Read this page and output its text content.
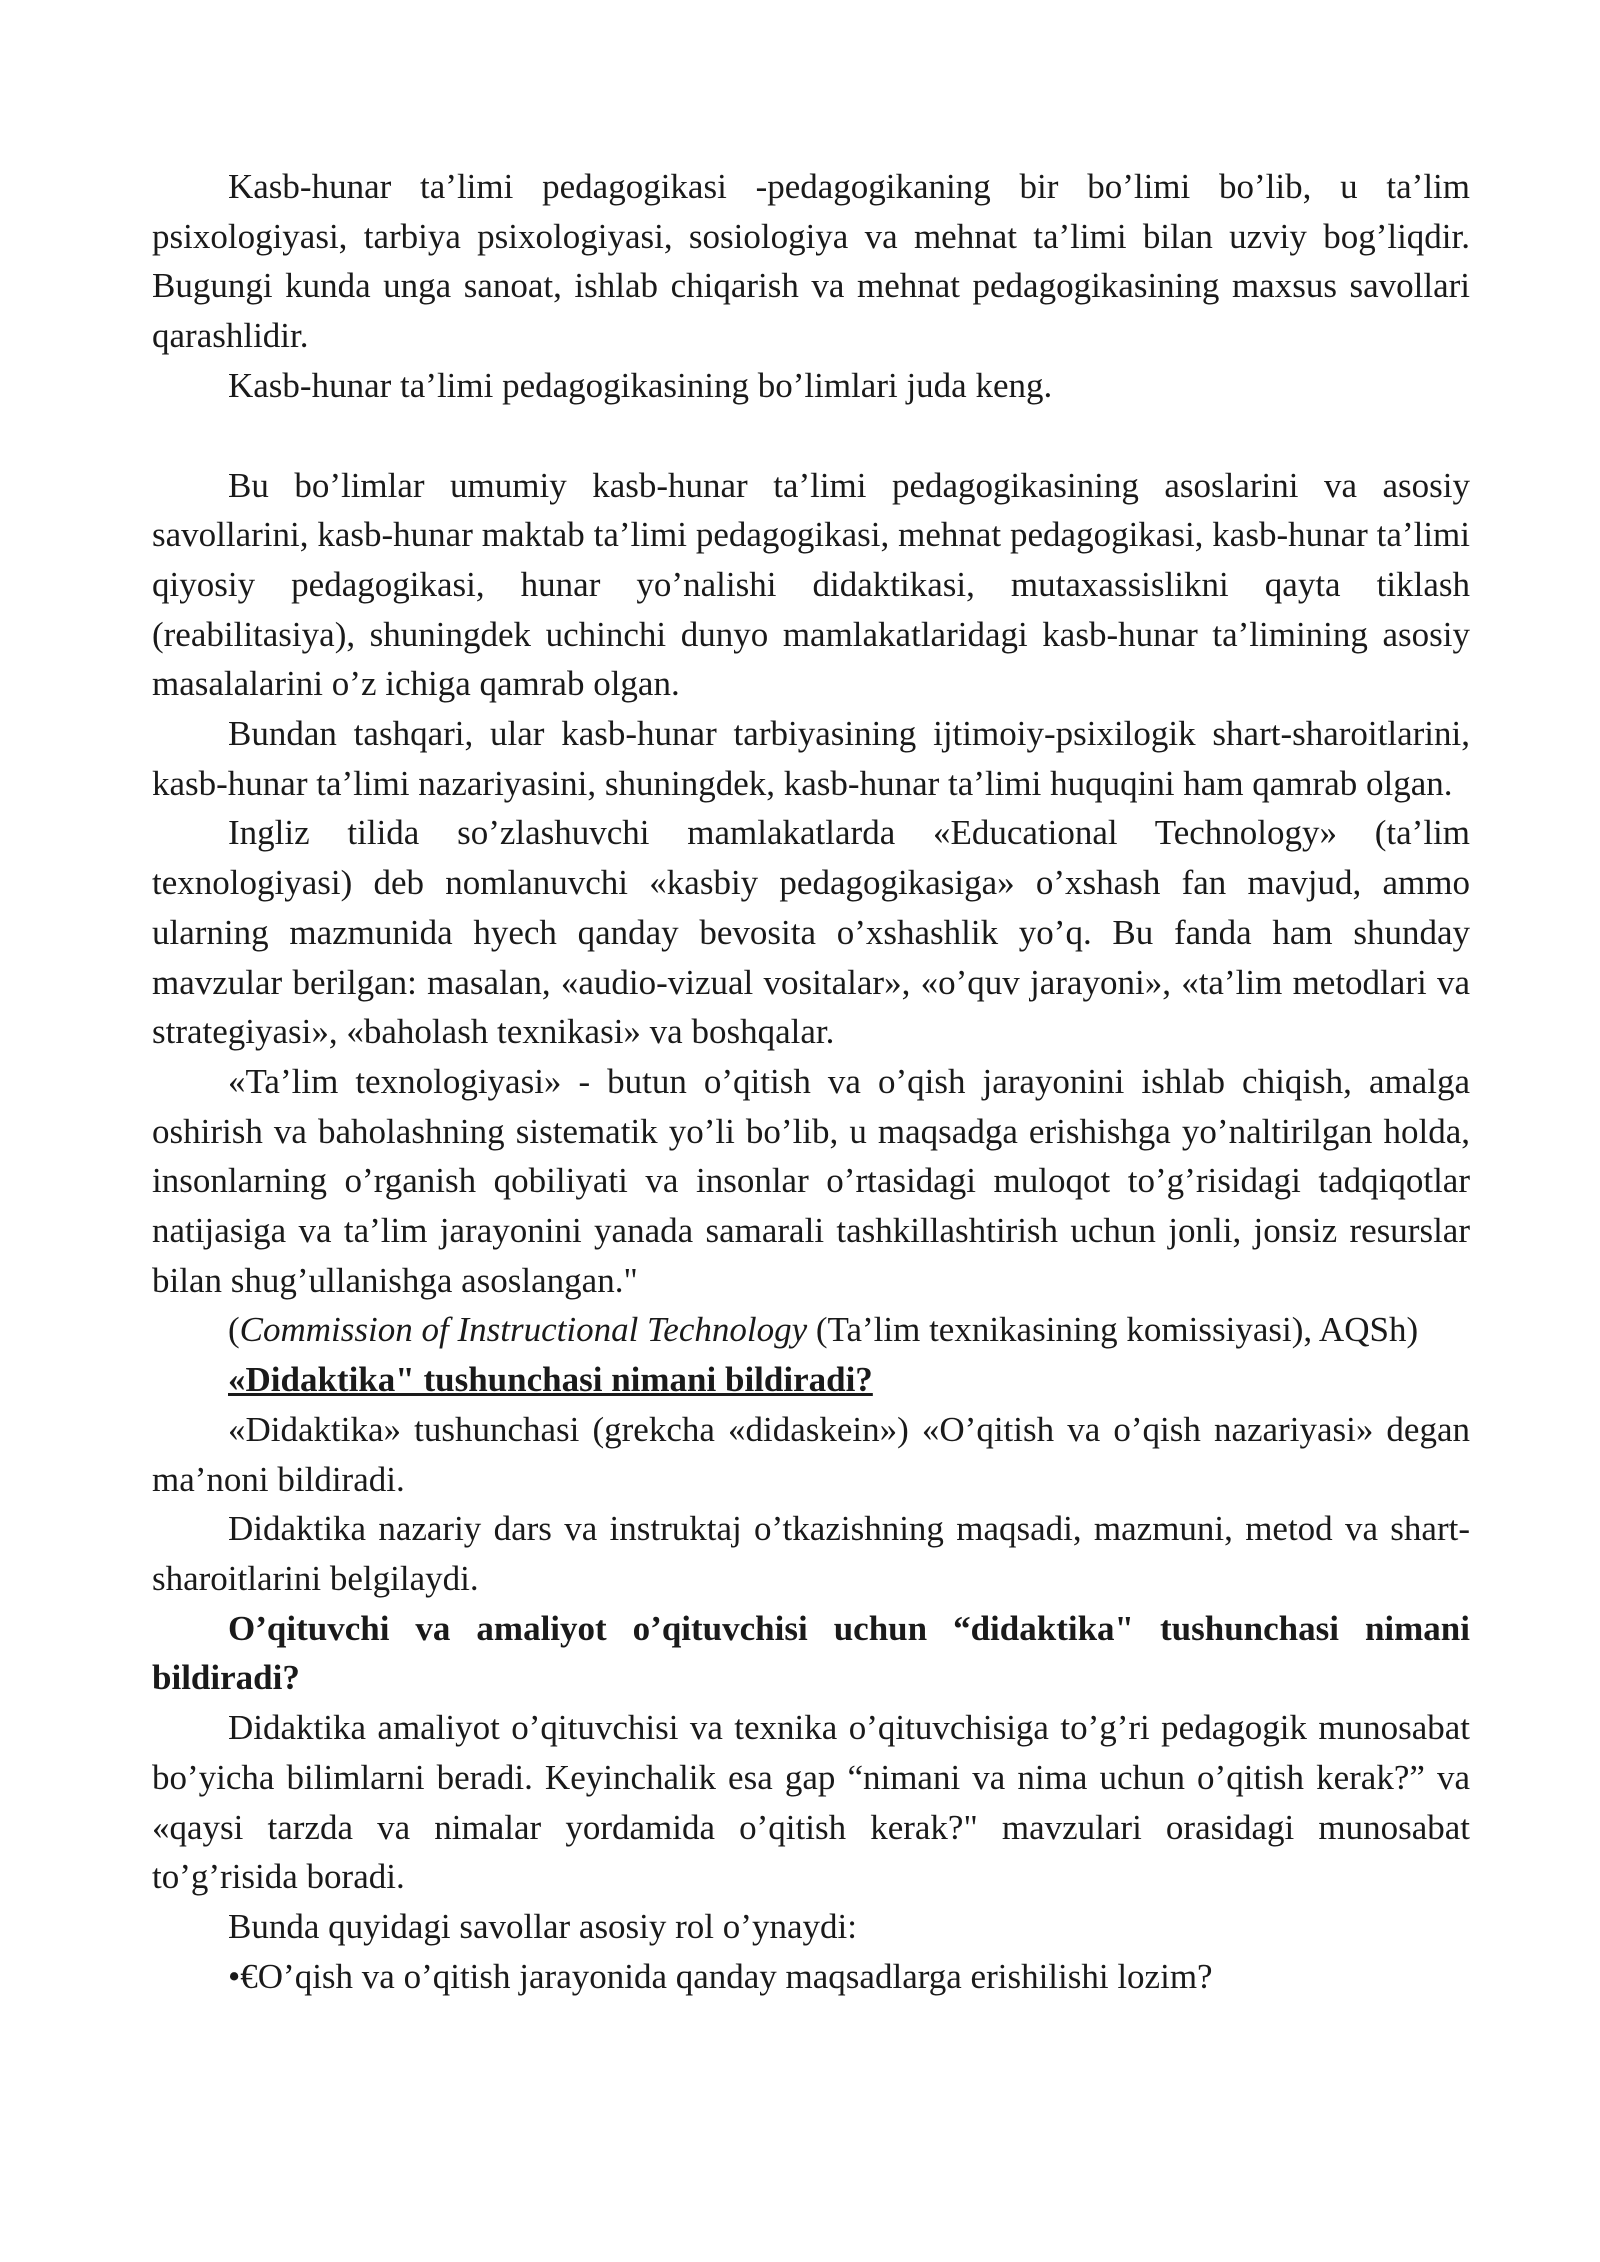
Kasb-hunar ta’limi pedagogikasi -pedagogikaning bir bo’limi bo’lib, u ta’lim psixologiyasi, tarbiya psixologiyasi, sosiologiya va mehnat ta’limi bilan uzviy bog’liqdir. Bugungi kunda unga sanoat, ishlab chiqarish va mehnat pedagogikasining maxsus savollari qarashlidir.

Kasb-hunar ta’limi pedagogikasining bo’limlari juda keng.

Bu bo’limlar umumiy kasb-hunar ta’limi pedagogikasining asoslarini va asosiy savollarini, kasb-hunar maktab ta’limi pedagogikasi, mehnat pedagogikasi, kasb-hunar ta’limi qiyosiy pedagogikasi, hunar yo’nalishi didaktikasi, mutaxassislikni qayta tiklash (reabilitasiya), shuningdek uchinchi dunyo mamlakatlaridagi kasb-hunar ta’limining asosiy masalalarini o’z ichiga qamrab olgan.

Bundan tashqari, ular kasb-hunar tarbiyasining ijtimoiy-psixilogik shart-sharoitlarini, kasb-hunar ta’limi nazariyasini, shuningdek, kasb-hunar ta’limi huquqini ham qamrab olgan.

Ingliz tilida so’zlashuvchi mamlakatlarda «Educational Technology» (ta’lim texnologiyasi) deb nomlanuvchi «kasbiy pedagogikasiga» o’xshash fan mavjud, ammo ularning mazmunida hyech qanday bevosita o’xshashlik yo’q. Bu fanda ham shunday mavzular berilgan: masalan, «audio-vizual vositalar», «o’quv jarayoni», «ta’lim metodlari va strategiyasi», «baholash texnikasi» va boshqalar.

«Ta’lim texnologiyasi» - butun o’qitish va o’qish jarayonini ishlab chiqish, amalga oshirish va baholashning sistematik yo’li bo’lib, u maqsadga erishishga yo’naltirilgan holda, insonlarning o’rganish qobiliyati va insonlar o’rtasidagi muloqot to’g’risidagi tadqiqotlar natijasiga va ta’lim jarayonini yanada samarali tashkillashtirish uchun jonli, jonsiz resurslar bilan shug’ullanishga asoslangan."

(Commission of Instructional Technology (Ta’lim texnikasining komissiyasi), AQSh)

«Didaktika" tushunchasi nimani bildiradi?

«Didaktika» tushunchasi (grekcha «didaskein») «O’qitish va o’qish nazariyasi» degan ma’noni bildiradi.

Didaktika nazariy dars va instruktaj o’tkazishning maqsadi, mazmuni, metod va shart-sharoitlarini belgilaydi.

O’qituvchi va amaliyot o’qituvchisi uchun “didaktika" tushunchasi nimani bildiradi?

Didaktika amaliyot o’qituvchisi va texnika o’qituvchisiga to’g’ri pedagogik munosabat bo’yicha bilimlarni beradi. Keyinchalik esa gap “nimani va nima uchun o’qitish kerak?” va «qaysi tarzda va nimalar yordamida o’qitish kerak?" mavzulari orasidagi munosabat to’g’risida boradi.

Bunda quyidagi savollar asosiy rol o’ynaydi:

•€O’qish va o’qitish jarayonida qanday maqsadlarga erishilishi lozim?
